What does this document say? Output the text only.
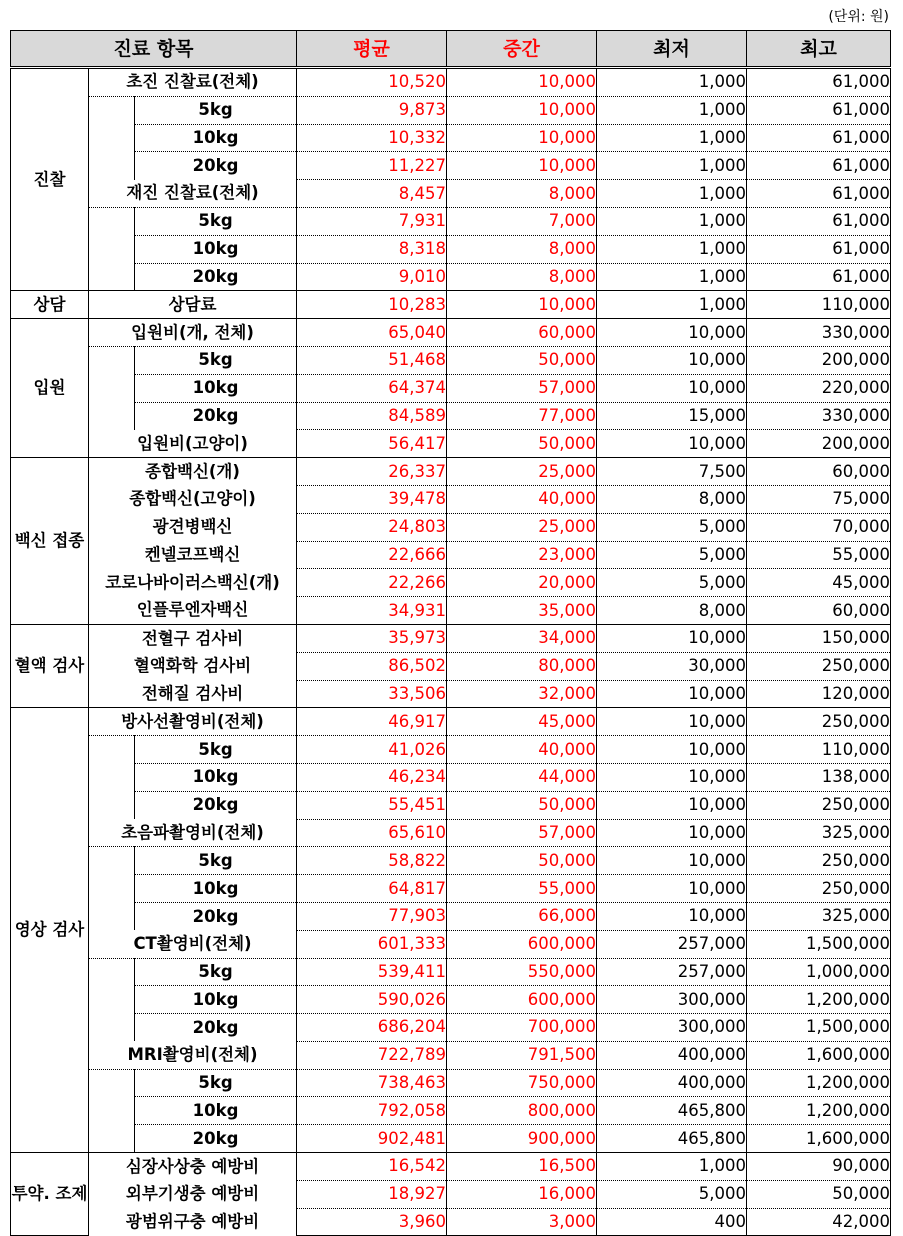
(단위: 원)
진료 항목			평균	중간	최저	최고
진찰	초진 진찰료(전체)		10,520	10,000	1,000	61,000
		5kg	9,873	10,000	1,000	61,000
		10kg	10,332	10,000	1,000	61,000
		20kg	11,227	10,000	1,000	61,000
	재진 진찰료(전체)		8,457	8,000	1,000	61,000
		5kg	7,931	7,000	1,000	61,000
		10kg	8,318	8,000	1,000	61,000
		20kg	9,010	8,000	1,000	61,000
상담	상담료		10,283	10,000	1,000	110,000
입원	입원비(개, 전체)		65,040	60,000	10,000	330,000
		5kg	51,468	50,000	10,000	200,000
		10kg	64,374	57,000	10,000	220,000
		20kg	84,589	77,000	15,000	330,000
	입원비(고양이)		56,417	50,000	10,000	200,000
백신 접종	종합백신(개)		26,337	25,000	7,500	60,000
	종합백신(고양이)		39,478	40,000	8,000	75,000
	광견병백신		24,803	25,000	5,000	70,000
	켄넬코프백신		22,666	23,000	5,000	55,000
	코로나바이러스백신(개)		22,266	20,000	5,000	45,000
	인플루엔자백신		34,931	35,000	8,000	60,000
혈액 검사	전혈구 검사비		35,973	34,000	10,000	150,000
	혈액화학 검사비		86,502	80,000	30,000	250,000
	전해질 검사비		33,506	32,000	10,000	120,000
영상 검사	방사선촬영비(전체)		46,917	45,000	10,000	250,000
		5kg	41,026	40,000	10,000	110,000
		10kg	46,234	44,000	10,000	138,000
		20kg	55,451	50,000	10,000	250,000
	초음파촬영비(전체)		65,610	57,000	10,000	325,000
		5kg	58,822	50,000	10,000	250,000
		10kg	64,817	55,000	10,000	250,000
		20kg	77,903	66,000	10,000	325,000
	CT촬영비(전체)		601,333	600,000	257,000	1,500,000
		5kg	539,411	550,000	257,000	1,000,000
		10kg	590,026	600,000	300,000	1,200,000
		20kg	686,204	700,000	300,000	1,500,000
	MRI촬영비(전체)		722,789	791,500	400,000	1,600,000
		5kg	738,463	750,000	400,000	1,200,000
		10kg	792,058	800,000	465,800	1,200,000
		20kg	902,481	900,000	465,800	1,600,000
투약. 조제	심장사상충 예방비		16,542	16,500	1,000	90,000
	외부기생충 예방비		18,927	16,000	5,000	50,000
	광범위구충 예방비		3,960	3,000	400	42,000
